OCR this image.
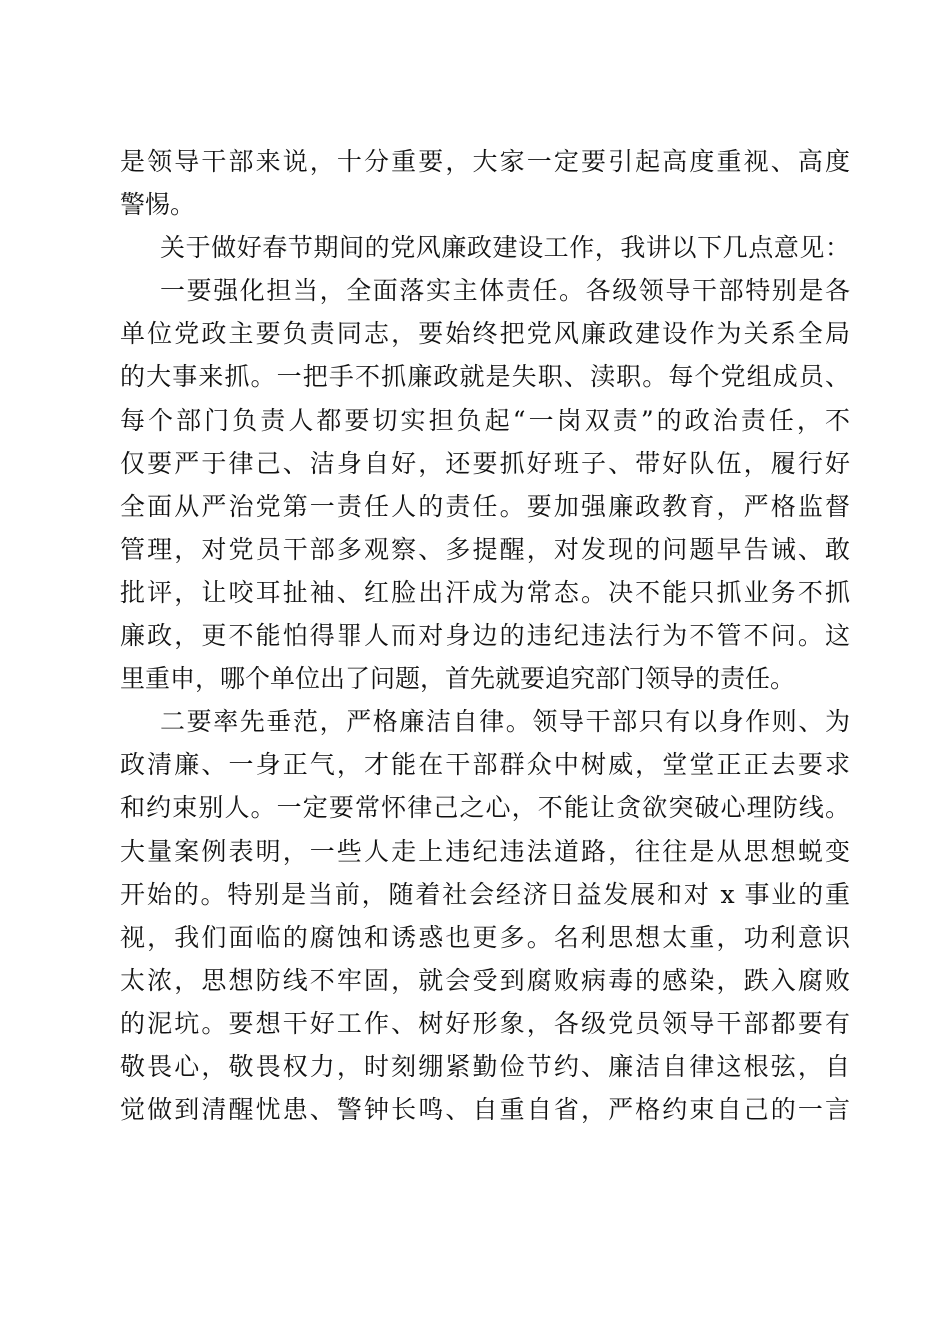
是领导干部来说，十分重要，大家一定要引起高度重视、高度
警惕。
关于做好春节期间的党风廉政建设工作，我讲以下几点意见：
一要强化担当，全面落实主体责任。各级领导干部特别是各
单位党政主要负责同志，要始终把党风廉政建设作为关系全局
的大事来抓。一把手不抓廉政就是失职、渎职。每个党组成员、
每个部门负责人都要切实担负起“一岗双责”的政治责任，不
仅要严于律己、洁身自好，还要抓好班子、带好队伍，履行好
全面从严治党第一责任人的责任。要加强廉政教育，严格监督
管理，对党员干部多观察、多提醒，对发现的问题早告诫、敢
批评，让咬耳扯袖、红脸出汗成为常态。决不能只抓业务不抓
廉政，更不能怕得罪人而对身边的违纪违法行为不管不问。这
里重申，哪个单位出了问题，首先就要追究部门领导的责任。
二要率先垂范，严格廉洁自律。领导干部只有以身作则、为
政清廉、一身正气，才能在干部群众中树威，堂堂正正去要求
和约束别人。一定要常怀律己之心，不能让贪欲突破心理防线。
大量案例表明，一些人走上违纪违法道路，往往是从思想蜕变
开始的。特别是当前，随着社会经济日益发展和对 x 事业的重
视，我们面临的腐蚀和诱惑也更多。名利思想太重，功利意识
太浓，思想防线不牢固，就会受到腐败病毒的感染，跌入腐败
的泥坑。要想干好工作、树好形象，各级党员领导干部都要有
敬畏心，敬畏权力，时刻绷紧勤俭节约、廉洁自律这根弦，自
觉做到清醒忧患、警钟长鸣、自重自省，严格约束自己的一言
